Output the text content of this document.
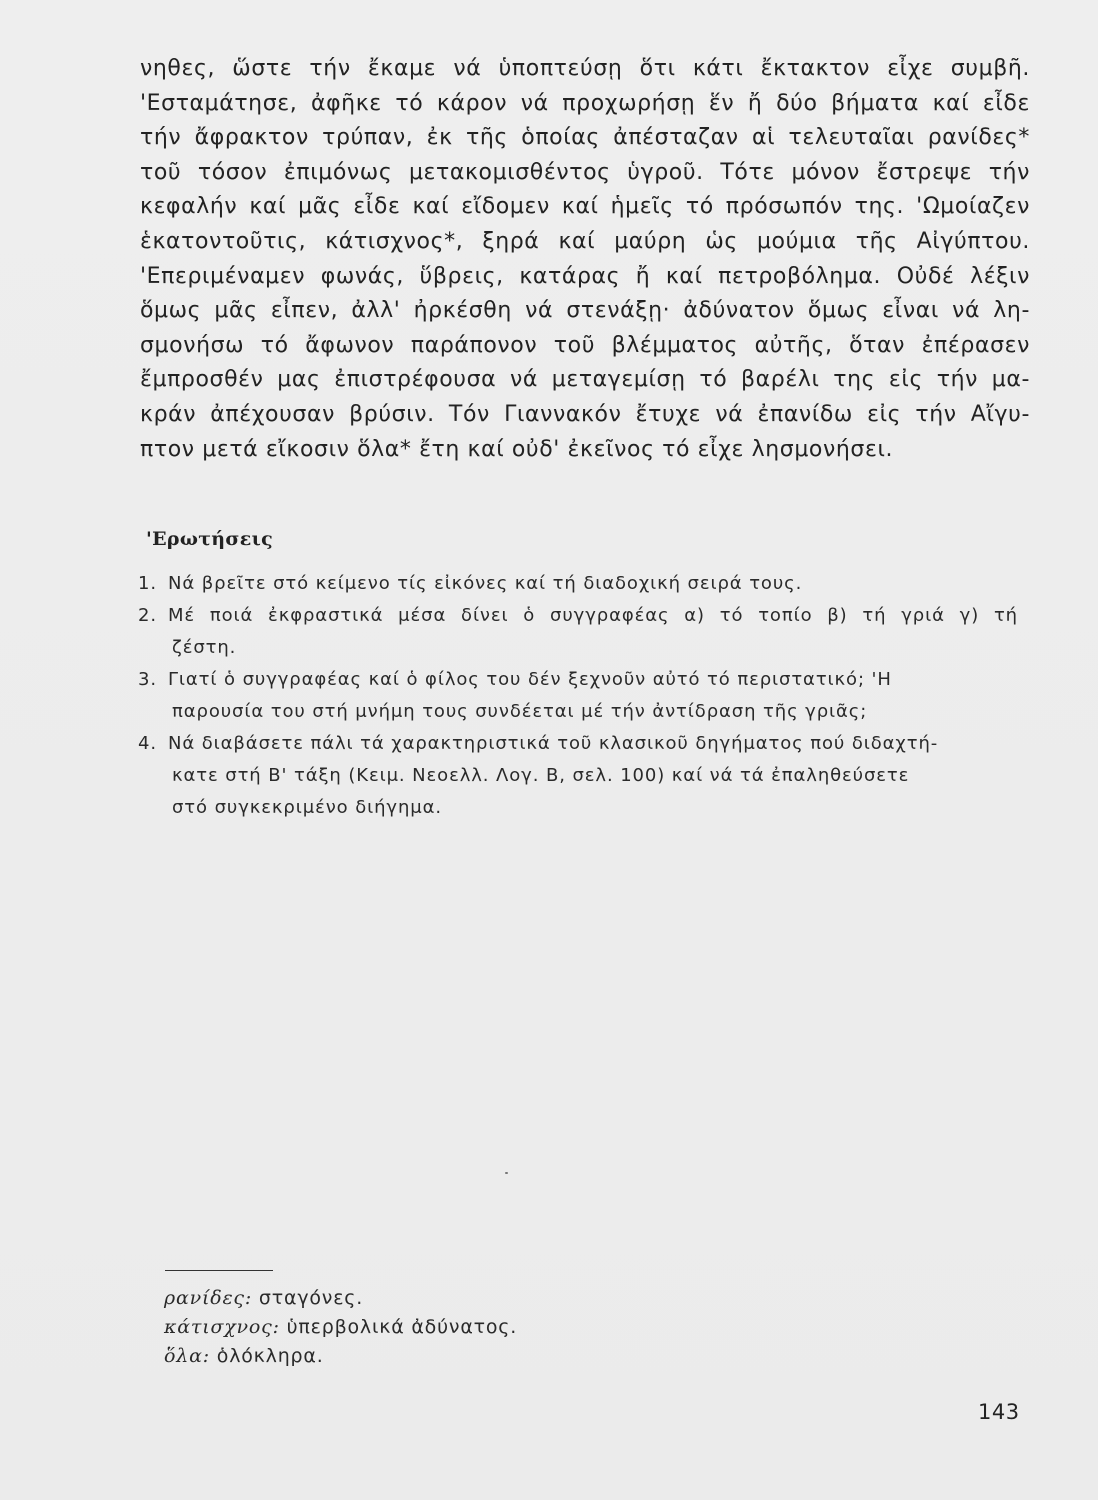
νηθες, ὥστε τήν ἔκαμε νά ὑποπτεύσῃ ὅτι κάτι ἔκτακτον εἶχε συμβῆ.
'Εσταμάτησε, ἀφῆκε τό κάρον νά προχωρήσῃ ἕν ἤ δύο βήματα καί εἶδε
τήν ἄφρακτον τρύπαν, ἐκ τῆς ὁποίας ἀπέσταζαν αἱ τελευταῖαι ρανίδες*
τοῦ τόσον ἐπιμόνως μετακομισθέντος ὑγροῦ. Τότε μόνον ἔστρεψε τήν
κεφαλήν καί μᾶς εἶδε καί εἴδομεν καί ἡμεῖς τό πρόσωπόν της. 'Ωμοίαζεν
ἑκατοντοῦτις, κάτισχνος*, ξηρά καί μαύρη ὡς μούμια τῆς Αἰγύπτου.
'Επεριμέναμεν φωνάς, ὕβρεις, κατάρας ἤ καί πετροβόλημα. Οὐδέ λέξιν
ὅμως μᾶς εἶπεν, ἀλλ' ἠρκέσθη νά στενάξῃ· ἀδύνατον ὅμως εἶναι νά λη-
σμονήσω τό ἄφωνον παράπονον τοῦ βλέμματος αὐτῆς, ὅταν ἐπέρασεν
ἔμπροσθέν μας ἐπιστρέφουσα νά μεταγεμίσῃ τό βαρέλι της εἰς τήν μα-
κράν ἀπέχουσαν βρύσιν. Τόν Γιαννακόν ἔτυχε νά ἐπανίδω εἰς τήν Αἴγυ-
πτον μετά εἴκοσιν ὅλα* ἔτη καί οὐδ' ἐκεῖνος τό εἶχε λησμονήσει.
'Ερωτήσεις
1. Νά βρεῖτε στό κείμενο τίς εἰκόνες καί τή διαδοχική σειρά τους.
2. Μέ ποιά ἐκφραστικά μέσα δίνει ὁ συγγραφέας α) τό τοπίο β) τή γριά γ) τή
ζέστη.
3. Γιατί ὁ συγγραφέας καί ὁ φίλος του δέν ξεχνοῦν αὐτό τό περιστατικό; 'Η
παρουσία του στή μνήμη τους συνδέεται μέ τήν ἀντίδραση τῆς γριᾶς;
4. Νά διαβάσετε πάλι τά χαρακτηριστικά τοῦ κλασικοῦ δηγήματος πού διδαχτή-
κατε στή Β' τάξη (Κειμ. Νεοελλ. Λογ. Β, σελ. 100) καί νά τά ἐπαληθεύσετε
στό συγκεκριμένο διήγημα.
ρανίδες: σταγόνες.
κάτισχνος: ὑπερβολικά ἀδύνατος.
ὅλα: ὁλόκληρα.
143
